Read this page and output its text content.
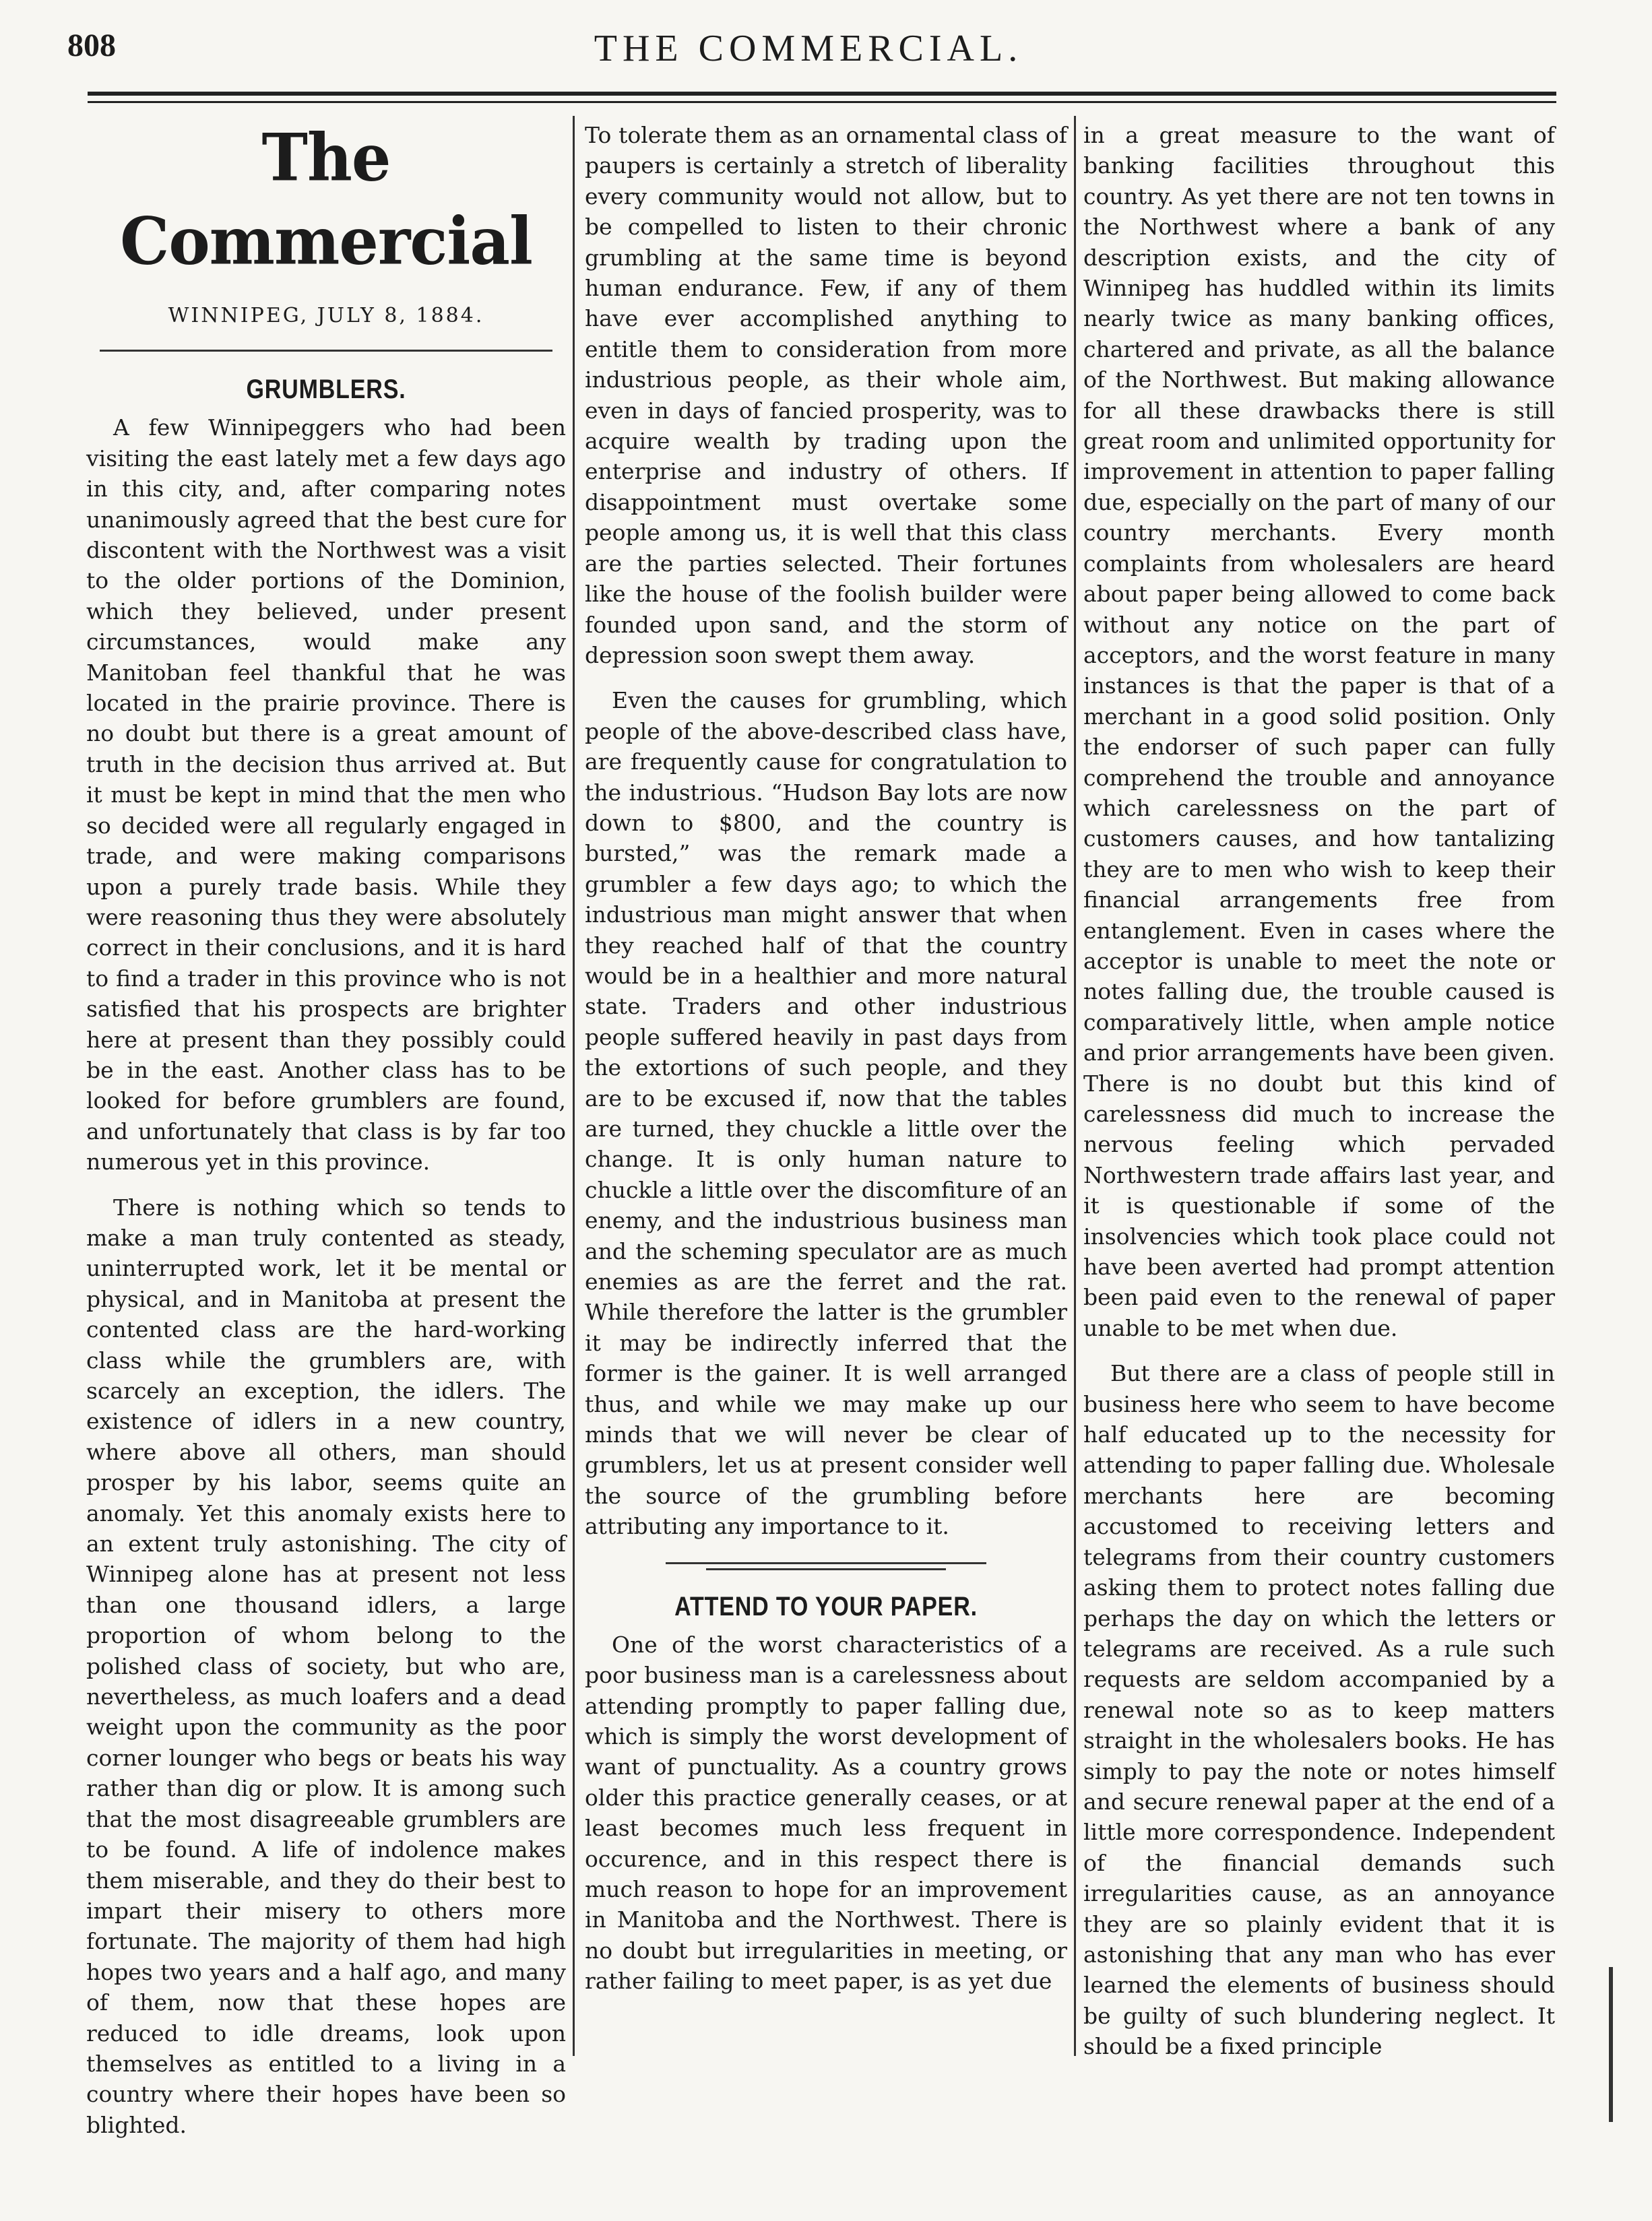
808	THE COMMERCIAL.
The Commercial
WINNIPEG, JULY 8, 1884.
GRUMBLERS.

A few Winnipeggers who had been visiting the east lately met a few days ago in this city, and, after comparing notes unanimously agreed that the best cure for discontent with the Northwest was a visit to the older portions of the Dominion, which they believed, under present circumstances, would make any Manitoban feel thankful that he was located in the prairie province. There is no doubt but there is a great amount of truth in the decision thus arrived at. But it must be kept in mind that the men who so decided were all regularly engaged in trade, and were making comparisons upon a purely trade basis. While they were reasoning thus they were absolutely correct in their conclusions, and it is hard to find a trader in this province who is not satisfied that his prospects are brighter here at present than they possibly could be in the east. Another class has to be looked for before grumblers are found, and unfortunately that class is by far too numerous yet in this province.

There is nothing which so tends to make a man truly contented as steady, uninterrupted work, let it be mental or physical, and in Manitoba at present the contented class are the hard-working class while the grumblers are, with scarcely an exception, the idlers. The existence of idlers in a new country, where above all others, man should prosper by his labor, seems quite an anomaly. Yet this anomaly exists here to an extent truly astonishing. The city of Winnipeg alone has at present not less than one thousand idlers, a large proportion of whom belong to the polished class of society, but who are, nevertheless, as much loafers and a dead weight upon the community as the poor corner lounger who begs or beats his way rather than dig or plow. It is among such that the most disagreeable grumblers are to be found. A life of indolence makes them miserable, and they do their best to impart their misery to others more fortunate. The majority of them had high hopes two years and a half ago, and many of them, now that these hopes are reduced to idle dreams, look upon themselves as entitled to a living in a country where their hopes have been so blighted.

To tolerate them as an ornamental class of paupers is certainly a stretch of liberality every community would not allow, but to be compelled to listen to their chronic grumbling at the same time is beyond human endurance. Few, if any of them have ever accomplished anything to entitle them to consideration from more industrious people, as their whole aim, even in days of fancied prosperity, was to acquire wealth by trading upon the enterprise and industry of others. If disappointment must overtake some people among us, it is well that this class are the parties selected. Their fortunes like the house of the foolish builder were founded upon sand, and the storm of depression soon swept them away.

Even the causes for grumbling, which people of the above-described class have, are frequently cause for congratulation to the industrious. “Hudson Bay lots are now down to $800, and the country is bursted,” was the remark made a grumbler a few days ago; to which the industrious man might answer that when they reached half of that the country would be in a healthier and more natural state. Traders and other industrious people suffered heavily in past days from the extortions of such people, and they are to be excused if, now that the tables are turned, they chuckle a little over the change. It is only human nature to chuckle a little over the discomfiture of an enemy, and the industrious business man and the scheming speculator are as much enemies as are the ferret and the rat. While therefore the latter is the grumbler it may be indirectly inferred that the former is the gainer. It is well arranged thus, and while we may make up our minds that we will never be clear of grumblers, let us at present consider well the source of the grumbling before attributing any importance to it.

ATTEND TO YOUR PAPER.

One of the worst characteristics of a poor business man is a carelessness about attending promptly to paper falling due, which is simply the worst development of want of punctuality. As a country grows older this practice generally ceases, or at least becomes much less frequent in occurence, and in this respect there is much reason to hope for an improvement in Manitoba and the Northwest. There is no doubt but irregularities in meeting, or rather failing to meet paper, is as yet due

in a great measure to the want of banking facilities throughout this country. As yet there are not ten towns in the Northwest where a bank of any description exists, and the city of Winnipeg has huddled within its limits nearly twice as many banking offices, chartered and private, as all the balance of the Northwest. But making allowance for all these drawbacks there is still great room and unlimited opportunity for improvement in attention to paper falling due, especially on the part of many of our country merchants. Every month complaints from wholesalers are heard about paper being allowed to come back without any notice on the part of acceptors, and the worst feature in many instances is that the paper is that of a merchant in a good solid position. Only the endorser of such paper can fully comprehend the trouble and annoyance which carelessness on the part of customers causes, and how tantalizing they are to men who wish to keep their financial arrangements free from entanglement. Even in cases where the acceptor is unable to meet the note or notes falling due, the trouble caused is comparatively little, when ample notice and prior arrangements have been given. There is no doubt but this kind of carelessness did much to increase the nervous feeling which pervaded Northwestern trade affairs last year, and it is questionable if some of the insolvencies which took place could not have been averted had prompt attention been paid even to the renewal of paper unable to be met when due.

But there are a class of people still in business here who seem to have become half educated up to the necessity for attending to paper falling due. Wholesale merchants here are becoming accustomed to receiving letters and telegrams from their country customers asking them to protect notes falling due perhaps the day on which the letters or telegrams are received. As a rule such requests are seldom accompanied by a renewal note so as to keep matters straight in the wholesalers books. He has simply to pay the note or notes himself and secure renewal paper at the end of a little more correspondence. Independent of the financial demands such irregularities cause, as an annoyance they are so plainly evident that it is astonishing that any man who has ever learned the elements of business should be guilty of such blundering neglect. It should be a fixed principle
